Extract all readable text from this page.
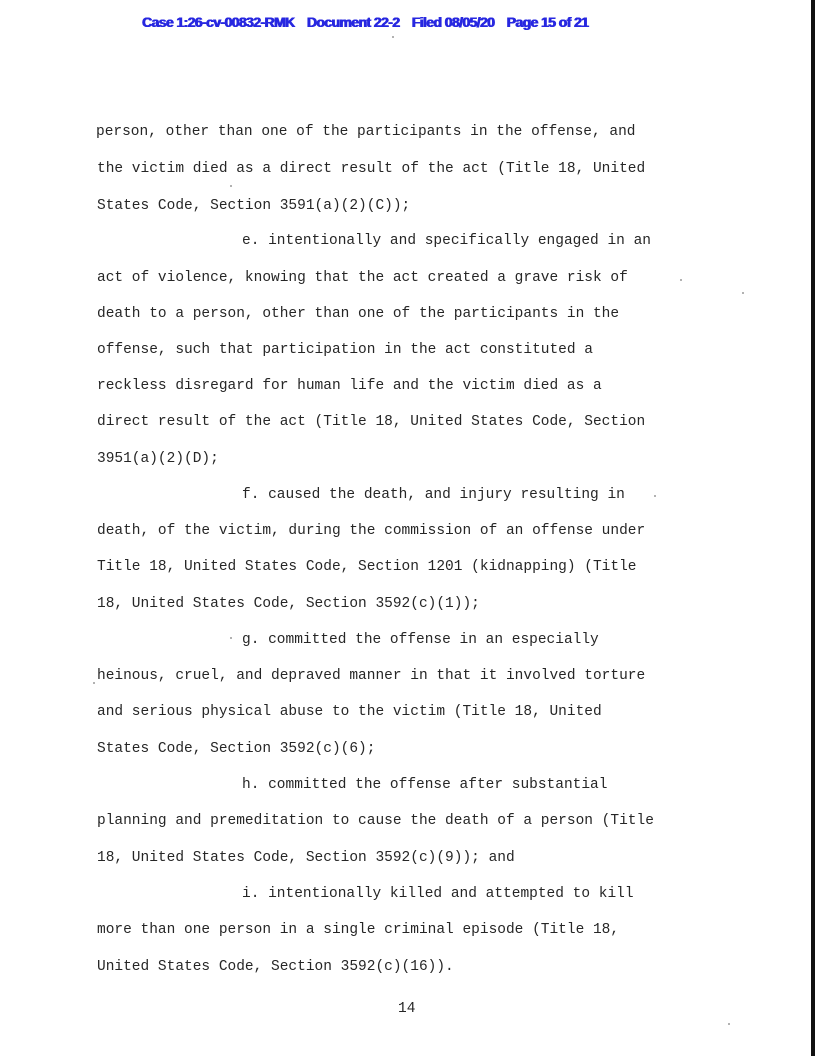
Case 1:26-cv-00832-RMK Document 22-2 Filed 08/05/20 Page 15 of 21
person, other than one of the participants in the offense, and
the victim died as a direct result of the act (Title 18, United
States Code, Section 3591(a)(2)(C));
e. intentionally and specifically engaged in an
act of violence, knowing that the act created a grave risk of
death to a person, other than one of the participants in the
offense, such that participation in the act constituted a
reckless disregard for human life and the victim died as a
direct result of the act (Title 18, United States Code, Section
3951(a)(2)(D);
f. caused the death, and injury resulting in
death, of the victim, during the commission of an offense under
Title 18, United States Code, Section 1201 (kidnapping) (Title
18, United States Code, Section 3592(c)(1));
g. committed the offense in an especially
heinous, cruel, and depraved manner in that it involved torture
and serious physical abuse to the victim (Title 18, United
States Code, Section 3592(c)(6);
h. committed the offense after substantial
planning and premeditation to cause the death of a person (Title
18, United States Code, Section 3592(c)(9)); and
i. intentionally killed and attempted to kill
more than one person in a single criminal episode (Title 18,
United States Code, Section 3592(c)(16)).
14
